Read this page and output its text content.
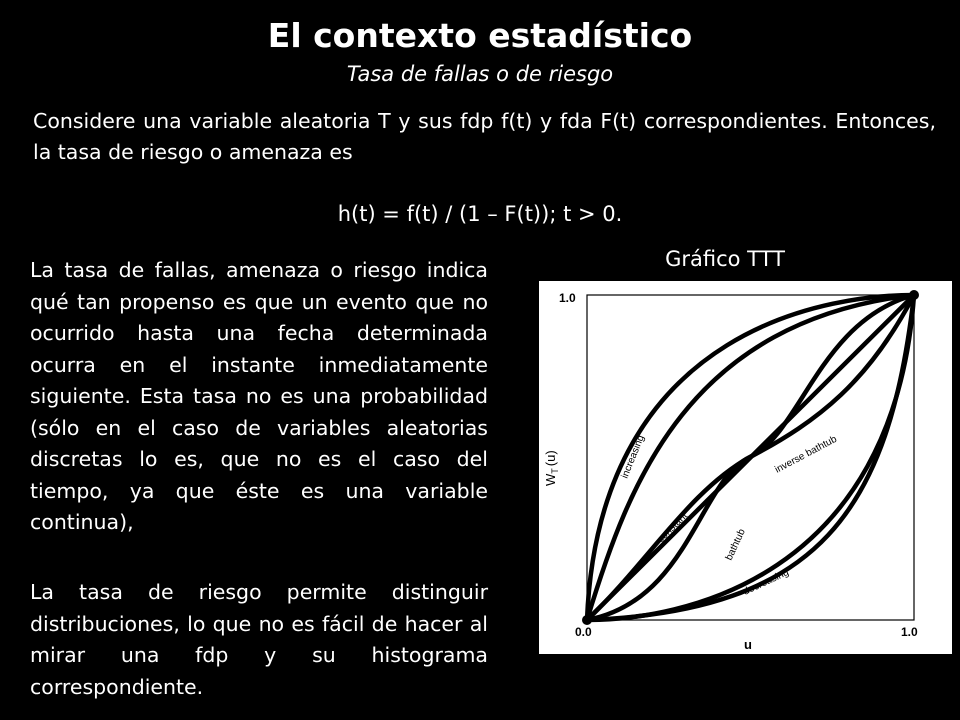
El contexto estadístico
Tasa de fallas o de riesgo
Considere una variable aleatoria T y sus fdp f(t) y fda F(t) correspondientes. Entonces, la tasa de riesgo o amenaza es
h(t) = f(t) / (1 – F(t)); t > 0.
La tasa de fallas, amenaza o riesgo indica qué tan propenso es que un evento que no ocurrido hasta una fecha determinada ocurra en el instante inmediatamente siguiente. Esta tasa no es una probabilidad (sólo en el caso de variables aleatorias discretas lo es, que no es el caso del tiempo, ya que éste es una variable continua),
La tasa de riesgo permite distinguir distribuciones, lo que no es fácil de hacer al mirar una fdp y su histograma correspondiente.
Gráfico TTT
1.0
0.0	1.0
u
$W_T(u)$	increasing
constant	bathtub
inverse bathtub
decreasing
